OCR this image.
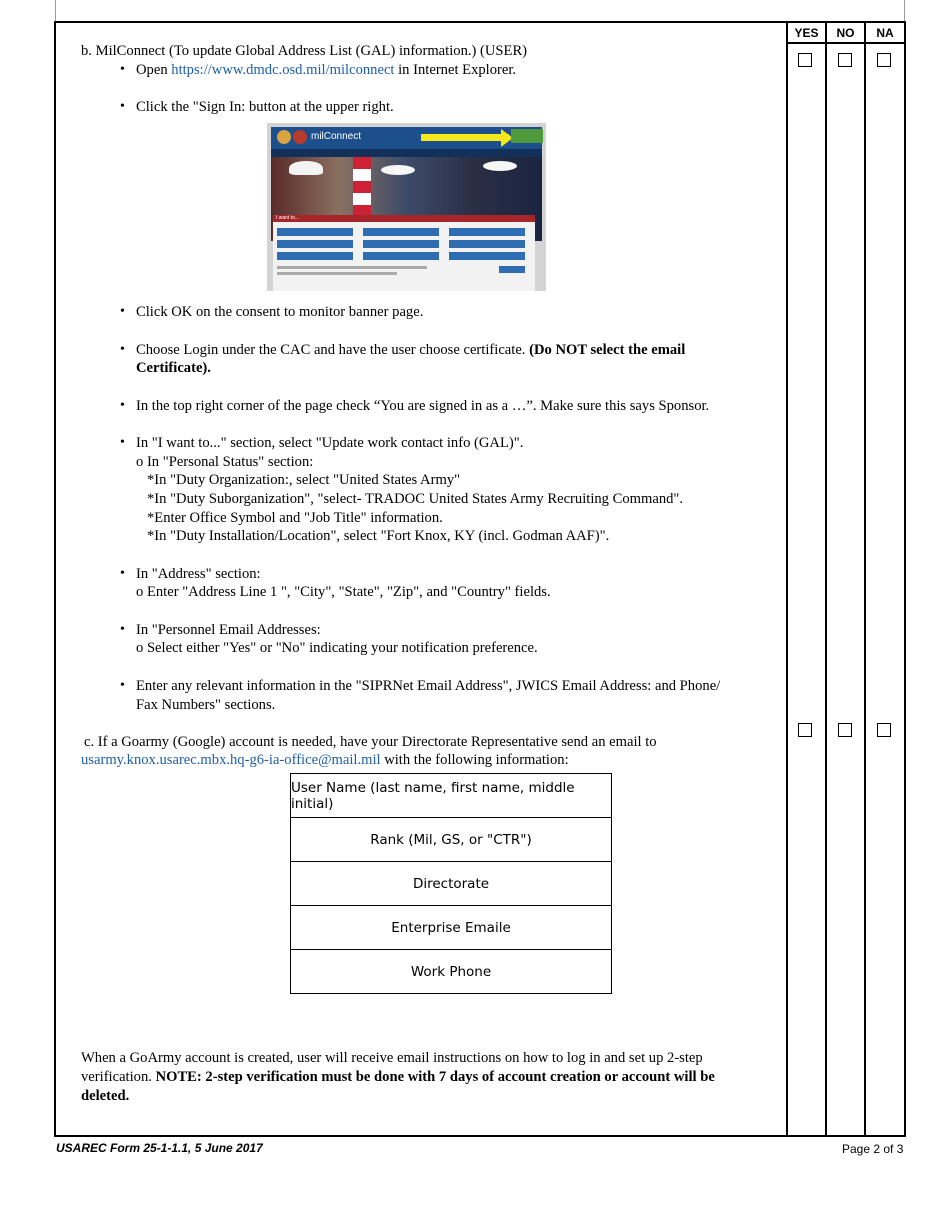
YES	NO	NA
b. MilConnect (To update Global Address List (GAL) information.) (USER)
• Open https://www.dmdc.osd.mil/milconnect in Internet Explorer.
• Click the "Sign In: button at the upper right.
milConnect
I want to...
• Click OK on the consent to monitor banner page.
• Choose Login under the CAC and have the user choose certificate. (Do NOT select the email
Certificate).
• In the top right corner of the page check “You are signed in as a …”. Make sure this says Sponsor.
• In "I want to..." section, select "Update work contact info (GAL)".
o In "Personal Status" section:
*In "Duty Organization:, select "United States Army"
*In "Duty Suborganization", "select- TRADOC United States Army Recruiting Command".
*Enter Office Symbol and "Job Title" information.
*In "Duty Installation/Location", select "Fort Knox, KY (incl. Godman AAF)".
• In "Address" section:
o Enter "Address Line 1 ", "City", "State", "Zip", and "Country" fields.
• In "Personnel Email Addresses:
o Select either "Yes" or "No" indicating your notification preference.
• Enter any relevant information in the "SIPRNet Email Address", JWICS Email Address: and Phone/
Fax Numbers" sections.
c. If a Goarmy (Google) account is needed, have your Directorate Representative send an email to
usarmy.knox.usarec.mbx.hq-g6-ia-office@mail.mil with the following information:
User Name (last name, first name, middle initial)
Rank (Mil, GS, or "CTR")
Directorate
Enterprise Emaile
Work Phone
When a GoArmy account is created, user will receive email instructions on how to log in and set up 2-step
verification. NOTE: 2-step verification must be done with 7 days of account creation or account will be
deleted.
USAREC Form 25-1-1.1, 5 June 2017	Page 2 of 3
